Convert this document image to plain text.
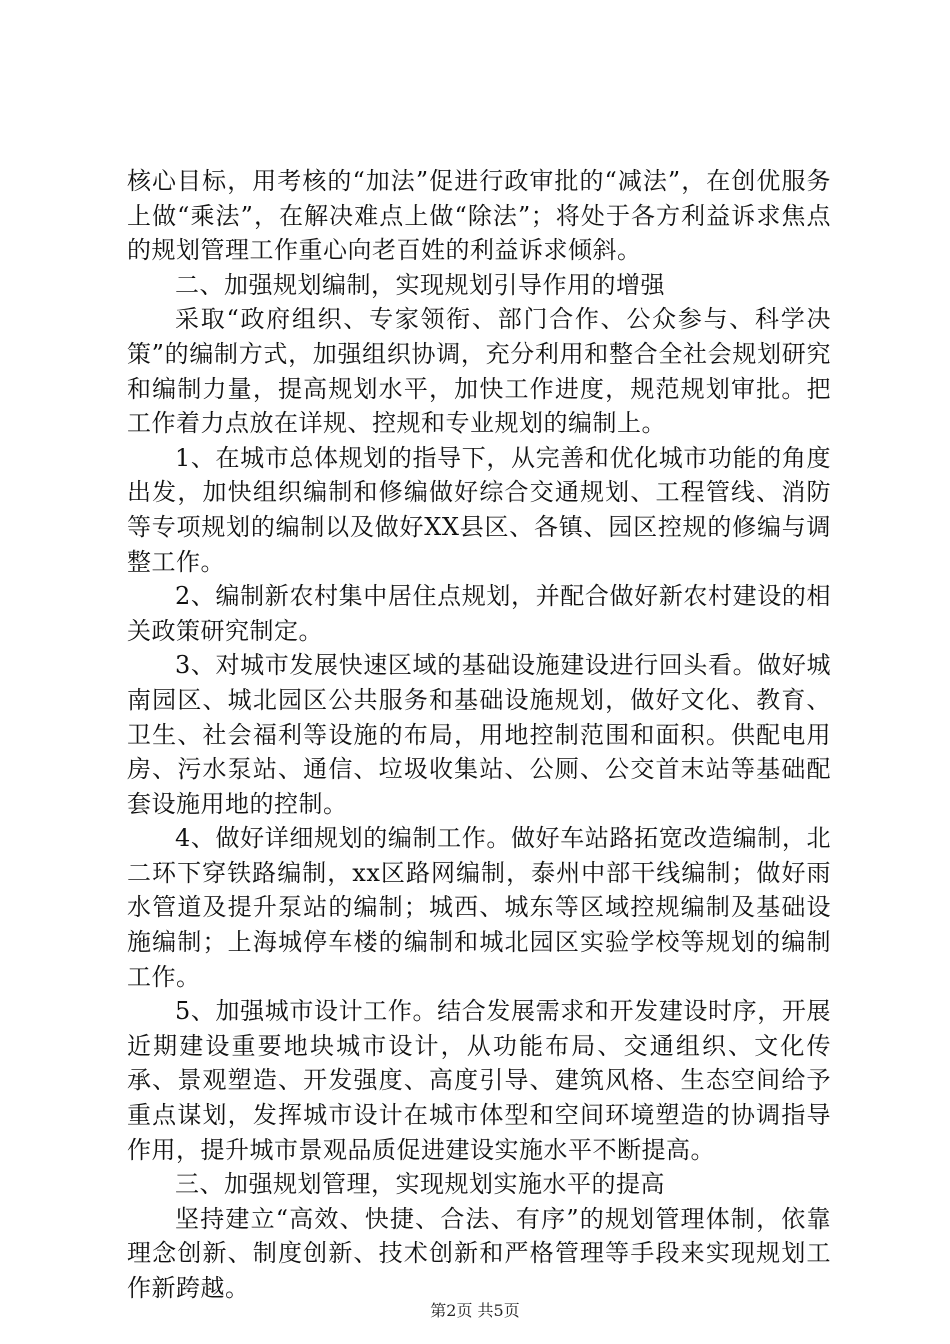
核心目标，用考核的“加法”促进行政审批的“减法”，在创优服务上做“乘法”，在解决难点上做“除法”；将处于各方利益诉求焦点的规划管理工作重心向老百姓的利益诉求倾斜。

二、加强规划编制，实现规划引导作用的增强

采取“政府组织、专家领衔、部门合作、公众参与、科学决策”的编制方式，加强组织协调，充分利用和整合全社会规划研究和编制力量，提高规划水平，加快工作进度，规范规划审批。把工作着力点放在详规、控规和专业规划的编制上。

1、在城市总体规划的指导下，从完善和优化城市功能的角度出发，加快组织编制和修编做好综合交通规划、工程管线、消防等专项规划的编制以及做好XX县区、各镇、园区控规的修编与调整工作。

2、编制新农村集中居住点规划，并配合做好新农村建设的相关政策研究制定。

3、对城市发展快速区域的基础设施建设进行回头看。做好城南园区、城北园区公共服务和基础设施规划，做好文化、教育、卫生、社会福利等设施的布局，用地控制范围和面积。供配电用房、污水泵站、通信、垃圾收集站、公厕、公交首末站等基础配套设施用地的控制。

4、做好详细规划的编制工作。做好车站路拓宽改造编制，北二环下穿铁路编制，xx区路网编制，泰州中部干线编制；做好雨水管道及提升泵站的编制；城西、城东等区域控规编制及基础设施编制；上海城停车楼的编制和城北园区实验学校等规划的编制工作。

5、加强城市设计工作。结合发展需求和开发建设时序，开展近期建设重要地块城市设计，从功能布局、交通组织、文化传承、景观塑造、开发强度、高度引导、建筑风格、生态空间给予重点谋划，发挥城市设计在城市体型和空间环境塑造的协调指导作用，提升城市景观品质促进建设实施水平不断提高。

三、加强规划管理，实现规划实施水平的提高

坚持建立“高效、快捷、合法、有序”的规划管理体制，依靠理念创新、制度创新、技术创新和严格管理等手段来实现规划工作新跨越。

第2页 共5页
